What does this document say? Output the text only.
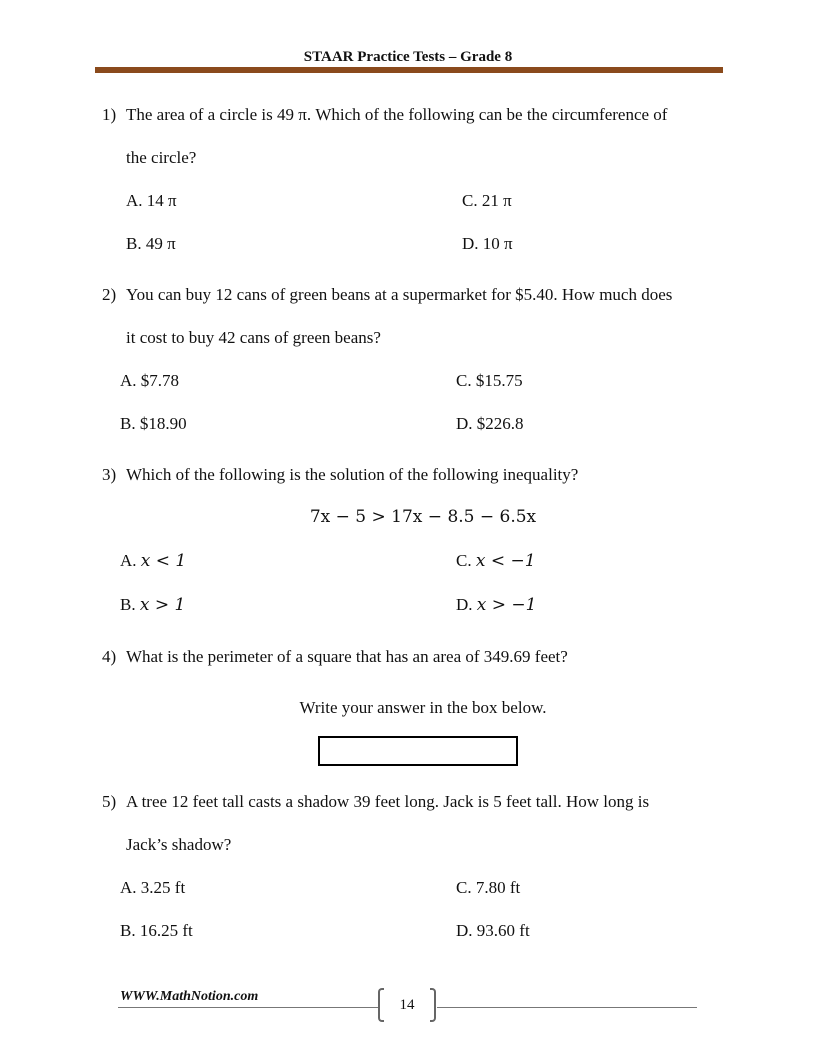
STAAR Practice Tests – Grade 8
1) The area of a circle is 49 π. Which of the following can be the circumference of
the circle?
A. 14 π	C. 21 π
B. 49 π	D. 10 π
2) You can buy 12 cans of green beans at a supermarket for $5.40. How much does
it cost to buy 42 cans of green beans?
A. $7.78	C. $15.75
B. $18.90	D. $226.8
3) Which of the following is the solution of the following inequality?
7x − 5 > 17x − 8.5 − 6.5x
A. x < 1	C. x < −1
B. x > 1	D. x > −1
4) What is the perimeter of a square that has an area of 349.69 feet?
Write your answer in the box below.
5) A tree 12 feet tall casts a shadow 39 feet long. Jack is 5 feet tall. How long is
Jack’s shadow?
A. 3.25 ft	C. 7.80 ft
B. 16.25 ft	D. 93.60 ft
WWW.MathNotion.com
14
